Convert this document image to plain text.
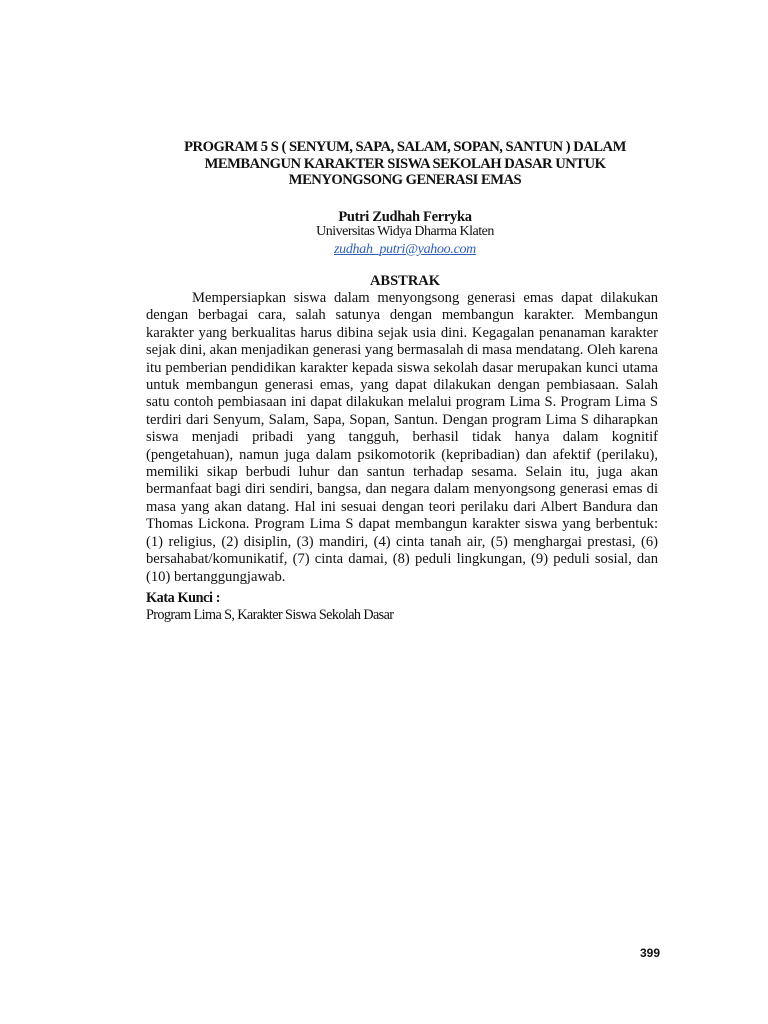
PROGRAM 5 S ( SENYUM, SAPA, SALAM, SOPAN, SANTUN ) DALAM
MEMBANGUN KARAKTER SISWA SEKOLAH DASAR UNTUK
MENYONGSONG GENERASI EMAS
Putri Zudhah Ferryka
Universitas Widya Dharma Klaten
zudhah_putri@yahoo.com
ABSTRAK

Mempersiapkan siswa dalam menyongsong generasi emas dapat dilakukan dengan berbagai cara, salah satunya dengan membangun karakter. Membangun karakter yang berkualitas harus dibina sejak usia dini. Kegagalan penanaman karakter sejak dini, akan menjadikan generasi yang bermasalah di masa mendatang. Oleh karena itu pemberian pendidikan karakter kepada siswa sekolah dasar merupakan kunci utama untuk membangun generasi emas, yang dapat dilakukan dengan pembiasaan. Salah satu contoh pembiasaan ini dapat dilakukan melalui program Lima S. Program Lima S terdiri dari Senyum, Salam, Sapa, Sopan, Santun. Dengan program Lima S diharapkan siswa menjadi pribadi yang tangguh, berhasil tidak hanya dalam kognitif (pengetahuan), namun juga dalam psikomotorik (kepribadian) dan afektif (perilaku), memiliki sikap berbudi luhur dan santun terhadap sesama. Selain itu, juga akan bermanfaat bagi diri sendiri, bangsa, dan negara dalam menyongsong generasi emas di masa yang akan datang. Hal ini sesuai dengan teori perilaku dari Albert Bandura dan Thomas Lickona. Program Lima S dapat membangun karakter siswa yang berbentuk: (1) religius, (2) disiplin, (3) mandiri, (4) cinta tanah air, (5) menghargai prestasi, (6) bersahabat/komunikatif, (7) cinta damai, (8) peduli lingkungan, (9) peduli sosial, dan (10) bertanggungjawab.

Kata Kunci :
Program Lima S, Karakter Siswa Sekolah Dasar
399
